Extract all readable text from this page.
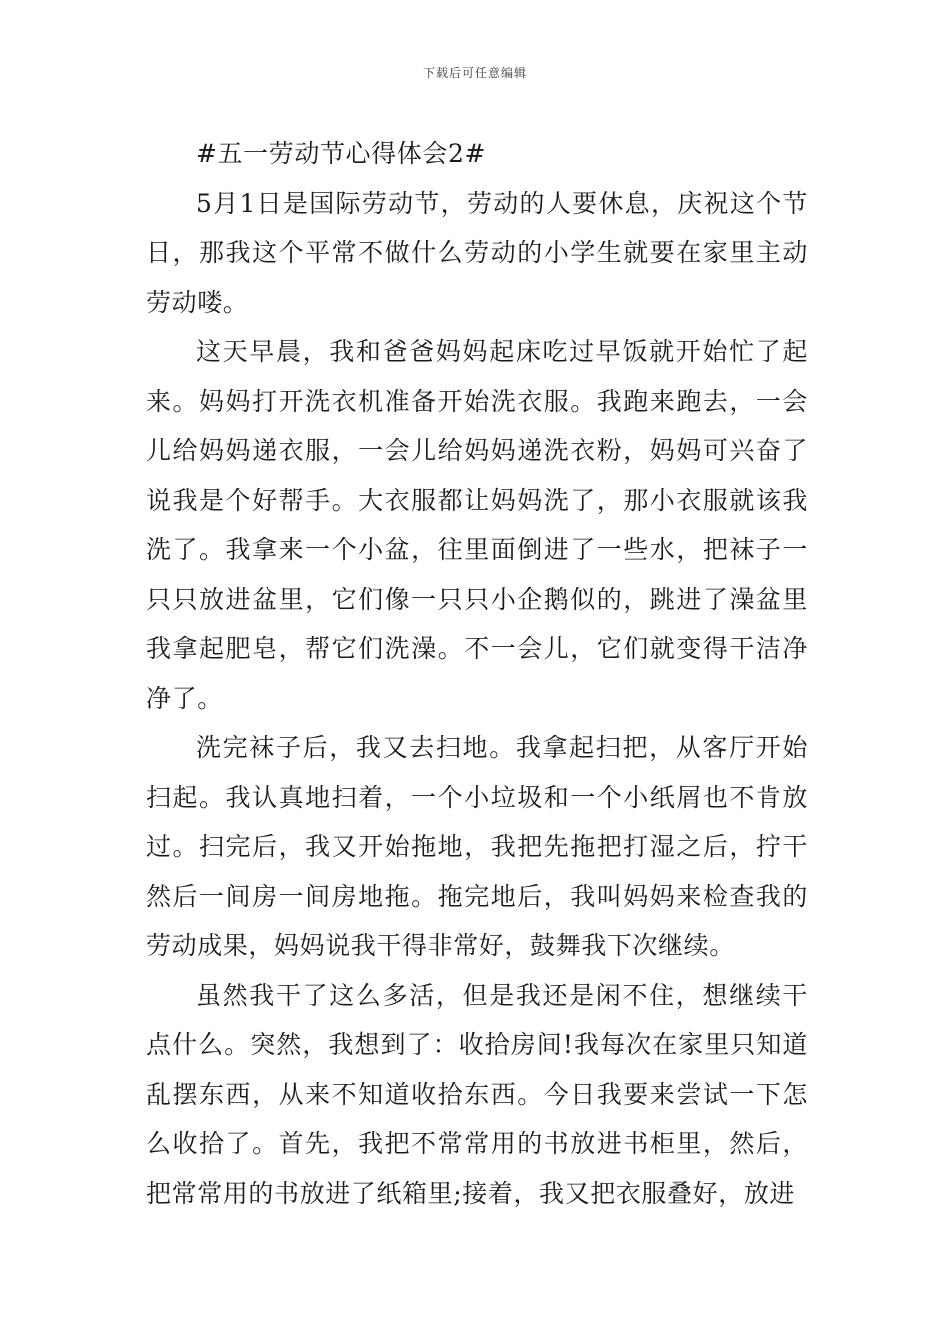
下载后可任意编辑

#五一劳动节心得体会2#

5月1日是国际劳动节，劳动的人要休息，庆祝这个节日，那我这个平常不做什么劳动的小学生就要在家里主动劳动喽。

这天早晨，我和爸爸妈妈起床吃过早饭就开始忙了起来。妈妈打开洗衣机准备开始洗衣服。我跑来跑去，一会儿给妈妈递衣服，一会儿给妈妈递洗衣粉，妈妈可兴奋了说我是个好帮手。大衣服都让妈妈洗了，那小衣服就该我洗了。我拿来一个小盆，往里面倒进了一些水，把袜子一只只放进盆里，它们像一只只小企鹅似的，跳进了澡盆里我拿起肥皂，帮它们洗澡。不一会儿，它们就变得干洁净净了。

洗完袜子后，我又去扫地。我拿起扫把，从客厅开始扫起。我认真地扫着，一个小垃圾和一个小纸屑也不肯放过。扫完后，我又开始拖地，我把先拖把打湿之后，拧干然后一间房一间房地拖。拖完地后，我叫妈妈来检查我的劳动成果，妈妈说我干得非常好，鼓舞我下次继续。

虽然我干了这么多活，但是我还是闲不住，想继续干点什么。突然，我想到了：收拾房间!我每次在家里只知道乱摆东西，从来不知道收拾东西。今日我要来尝试一下怎么收拾了。首先，我把不常常用的书放进书柜里，然后，把常常用的书放进了纸箱里;接着，我又把衣服叠好，放进
